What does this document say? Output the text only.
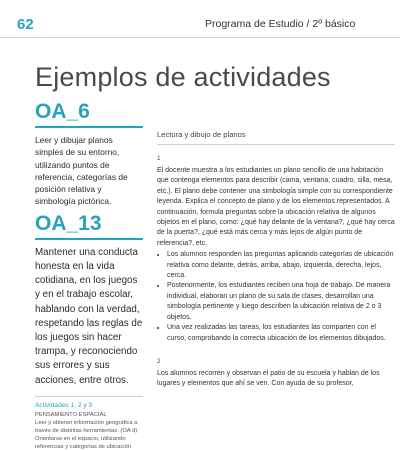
62	Programa de Estudio / 2º básico
Ejemplos de actividades

OA_6

Leer y dibujar planos simples de su entorno, utilizando puntos de referencia, categorías de posición relativa y simbología pictórica.

OA_13

Mantener una conducta honesta en la vida cotidiana, en los juegos y en el trabajo escolar, hablando con la verdad, respetando las reglas de los juegos sin hacer trampa, y reconociendo sus errores y sus acciones, entre otros.

Actividades 1, 2 y 3
PENSAMIENTO ESPACIAL
Leer y obtener información geográfica a través de distintas herramientas. (OA d) Orientarse en el espacio, utilizando referencias y categorías de ubicación
Lectura y dibujo de planos

1

El docente muestra a los estudiantes un plano sencillo de una habitación que contenga elementos para describir (cama, ventana, cuadro, silla, mesa, etc.). El plano debe contener una simbología simple con su correspondiente leyenda. Explica el concepto de plano y de los elementos representados. A continuación, formula preguntas sobre la ubicación relativa de algunos objetos en el plano, como: ¿qué hay delante de la ventana?, ¿qué hay cerca de la puerta?, ¿qué está más cerca y más lejos de algún punto de referencia?, etc.

• Los alumnos responden las preguntas aplicando categorías de ubicación relativa como delante, detrás, arriba, abajo, izquierda, derecha, lejos, cerca.
• Posteriormente, los estudiantes reciben una hoja de trabajo. De manera individual, elaboran un plano de su sala de clases, desarrollan una simbología pertinente y luego describen la ubicación relativa de 2 o 3 objetos.
• Una vez realizadas las tareas, los estudiantes las comparten con el curso, comprobando la correcta ubicación de los elementos dibujados.

2

Los alumnos recorren y observan el patio de su escuela y hablan de los lugares y elementos que ahí se ven. Con ayuda de su profesor,
